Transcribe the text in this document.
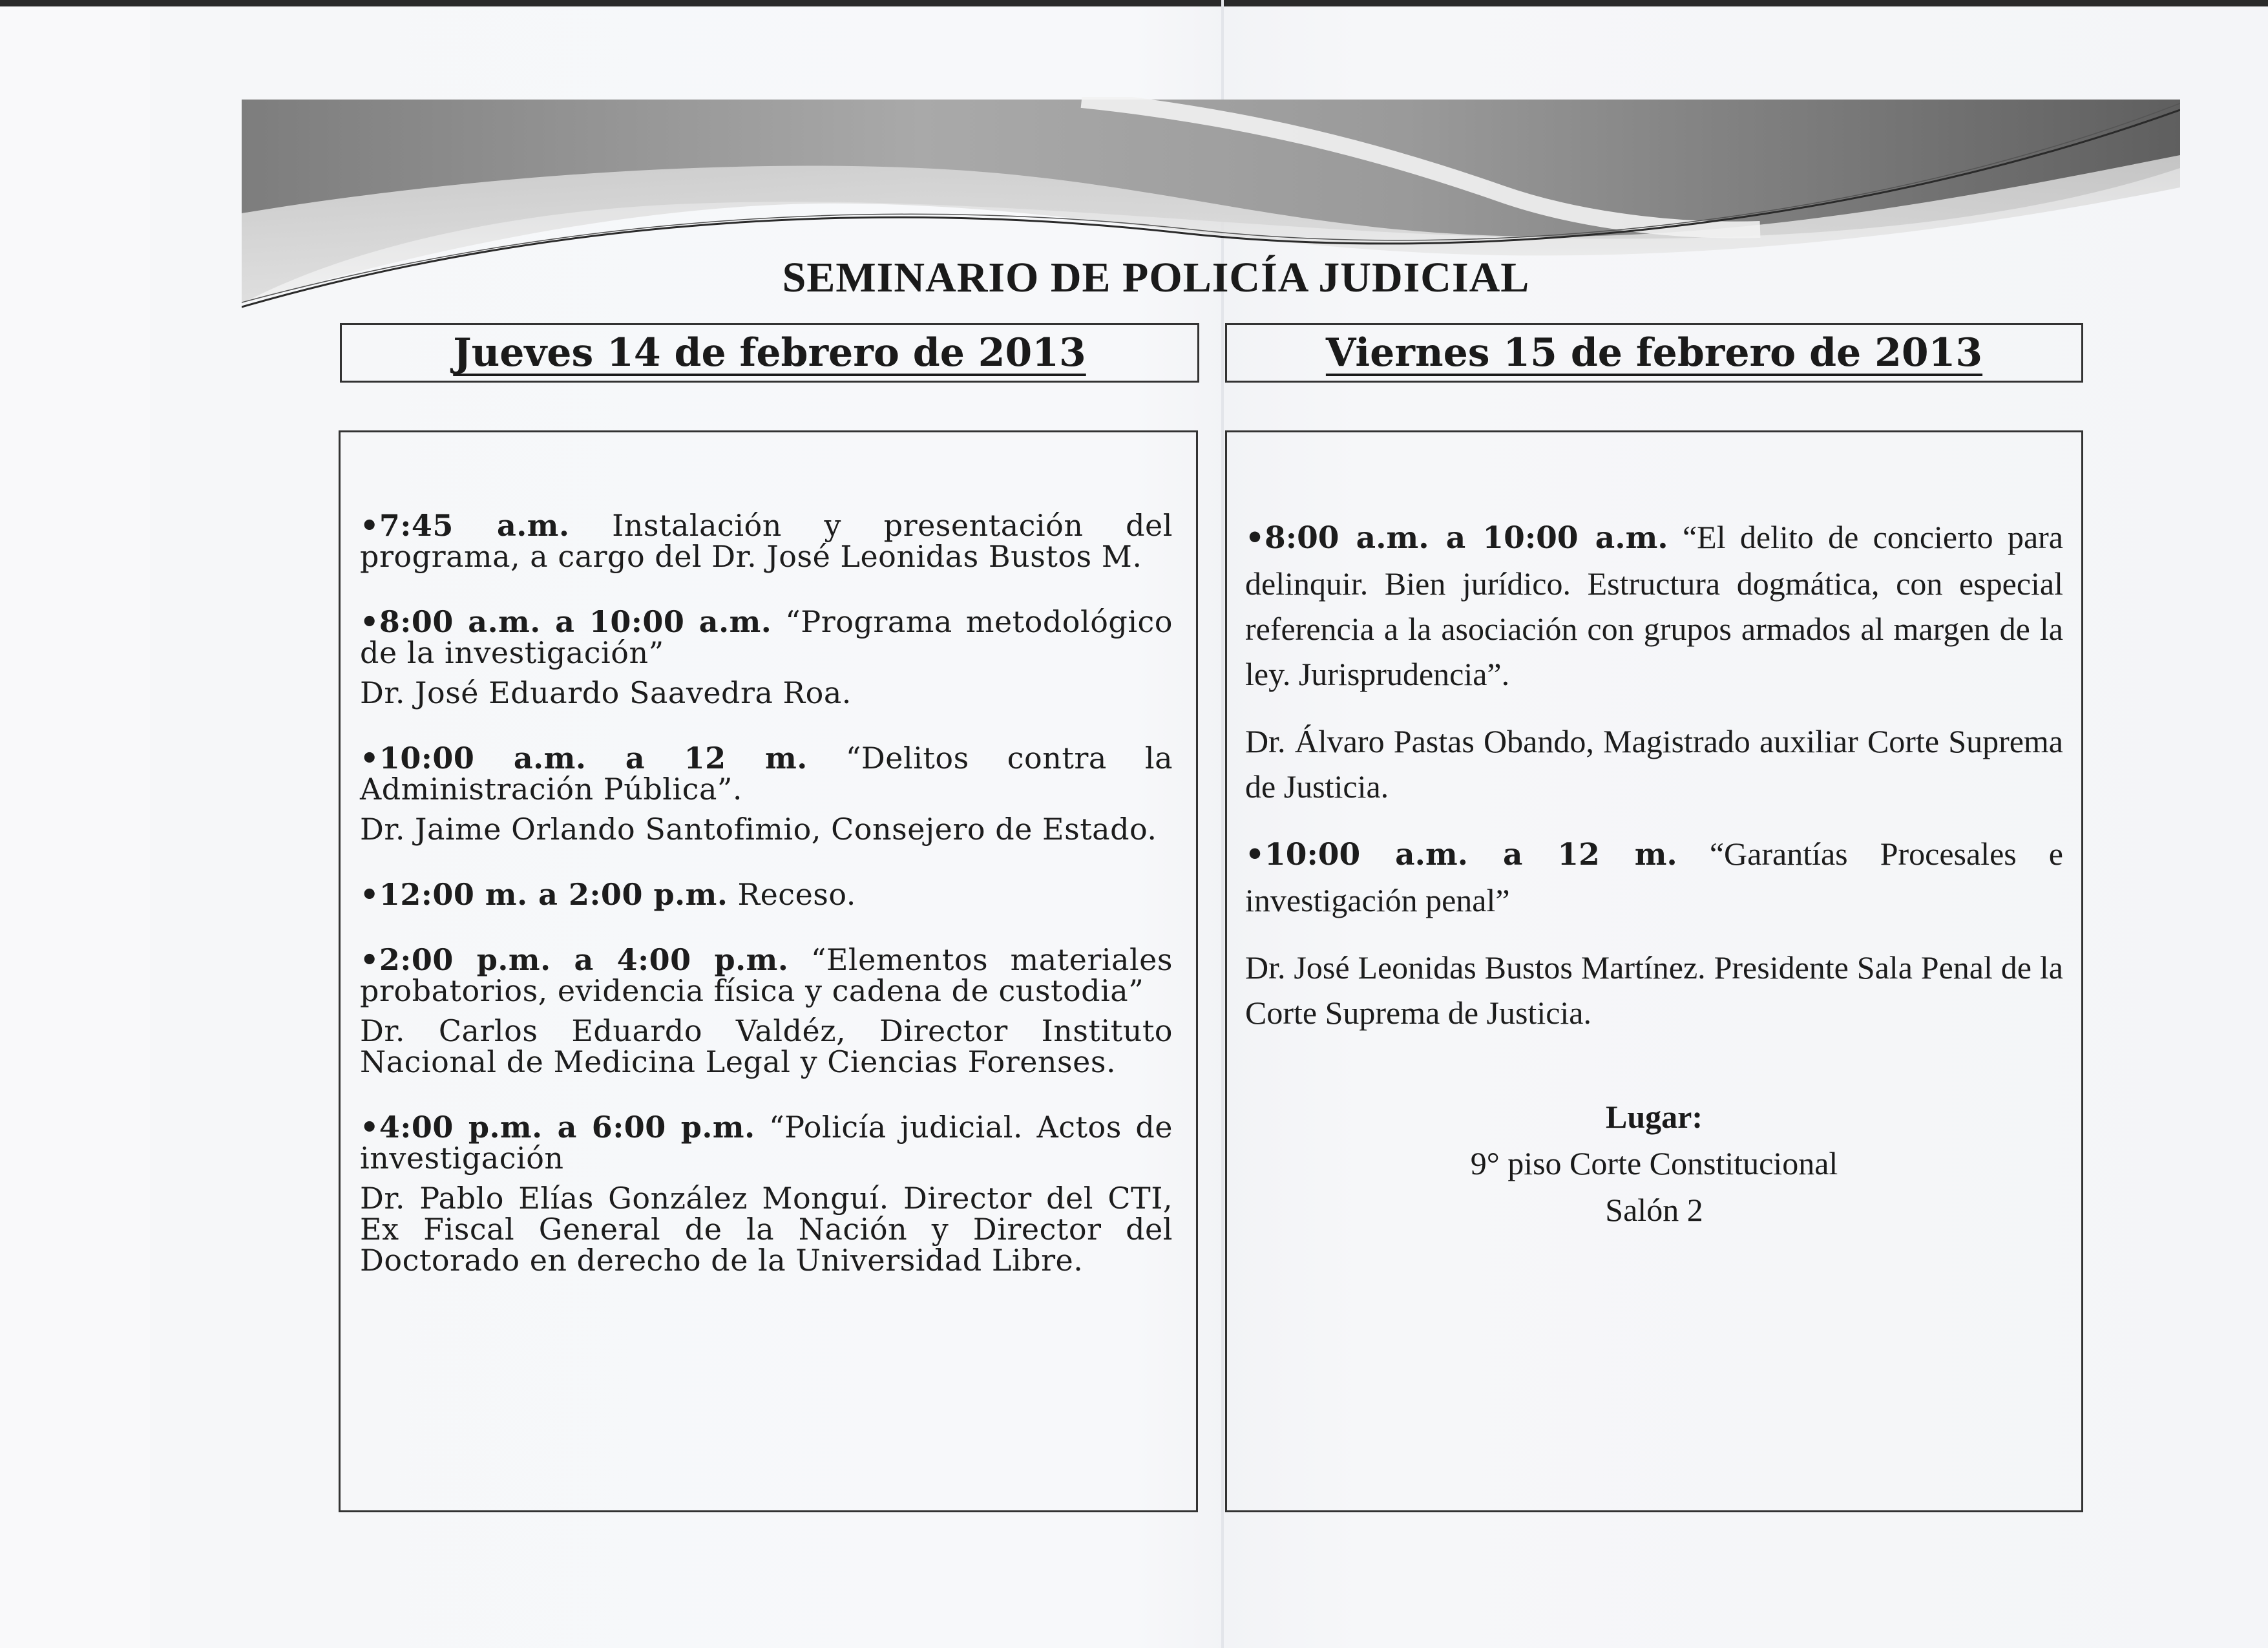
SEMINARIO DE POLICÍA JUDICIAL
Jueves 14 de febrero de 2013	Viernes 15 de febrero de 2013

•7:45 a.m. Instalación y presentación del programa, a cargo del Dr. José Leonidas Bustos M.

•8:00 a.m. a 10:00 a.m. “Programa metodológico de la investigación”

Dr. José Eduardo Saavedra Roa.

•10:00 a.m. a 12 m. “Delitos contra la Administración Pública”.

Dr. Jaime Orlando Santofimio, Consejero de Estado.

•12:00 m. a 2:00 p.m. Receso.

•2:00 p.m. a 4:00 p.m. “Elementos materiales probatorios, evidencia física y cadena de custodia”

Dr. Carlos Eduardo Valdéz, Director Instituto Nacional de Medicina Legal y Ciencias Forenses.

•4:00 p.m. a 6:00 p.m. “Policía judicial. Actos de investigación

Dr. Pablo Elías González Monguí. Director del CTI, Ex Fiscal General de la Nación y Director del Doctorado en derecho de la Universidad Libre.

•8:00 a.m. a 10:00 a.m. “El delito de concierto para delinquir. Bien jurídico. Estructura dogmática, con especial referencia a la asociación con grupos armados al margen de la ley. Jurisprudencia”.

Dr. Álvaro Pastas Obando, Magistrado auxiliar Corte Suprema de Justicia.

•10:00 a.m. a 12 m. “Garantías Procesales e investigación penal”

Dr. José Leonidas Bustos Martínez. Presidente Sala Penal de la Corte Suprema de Justicia.

Lugar:
9° piso Corte Constitucional
Salón 2
